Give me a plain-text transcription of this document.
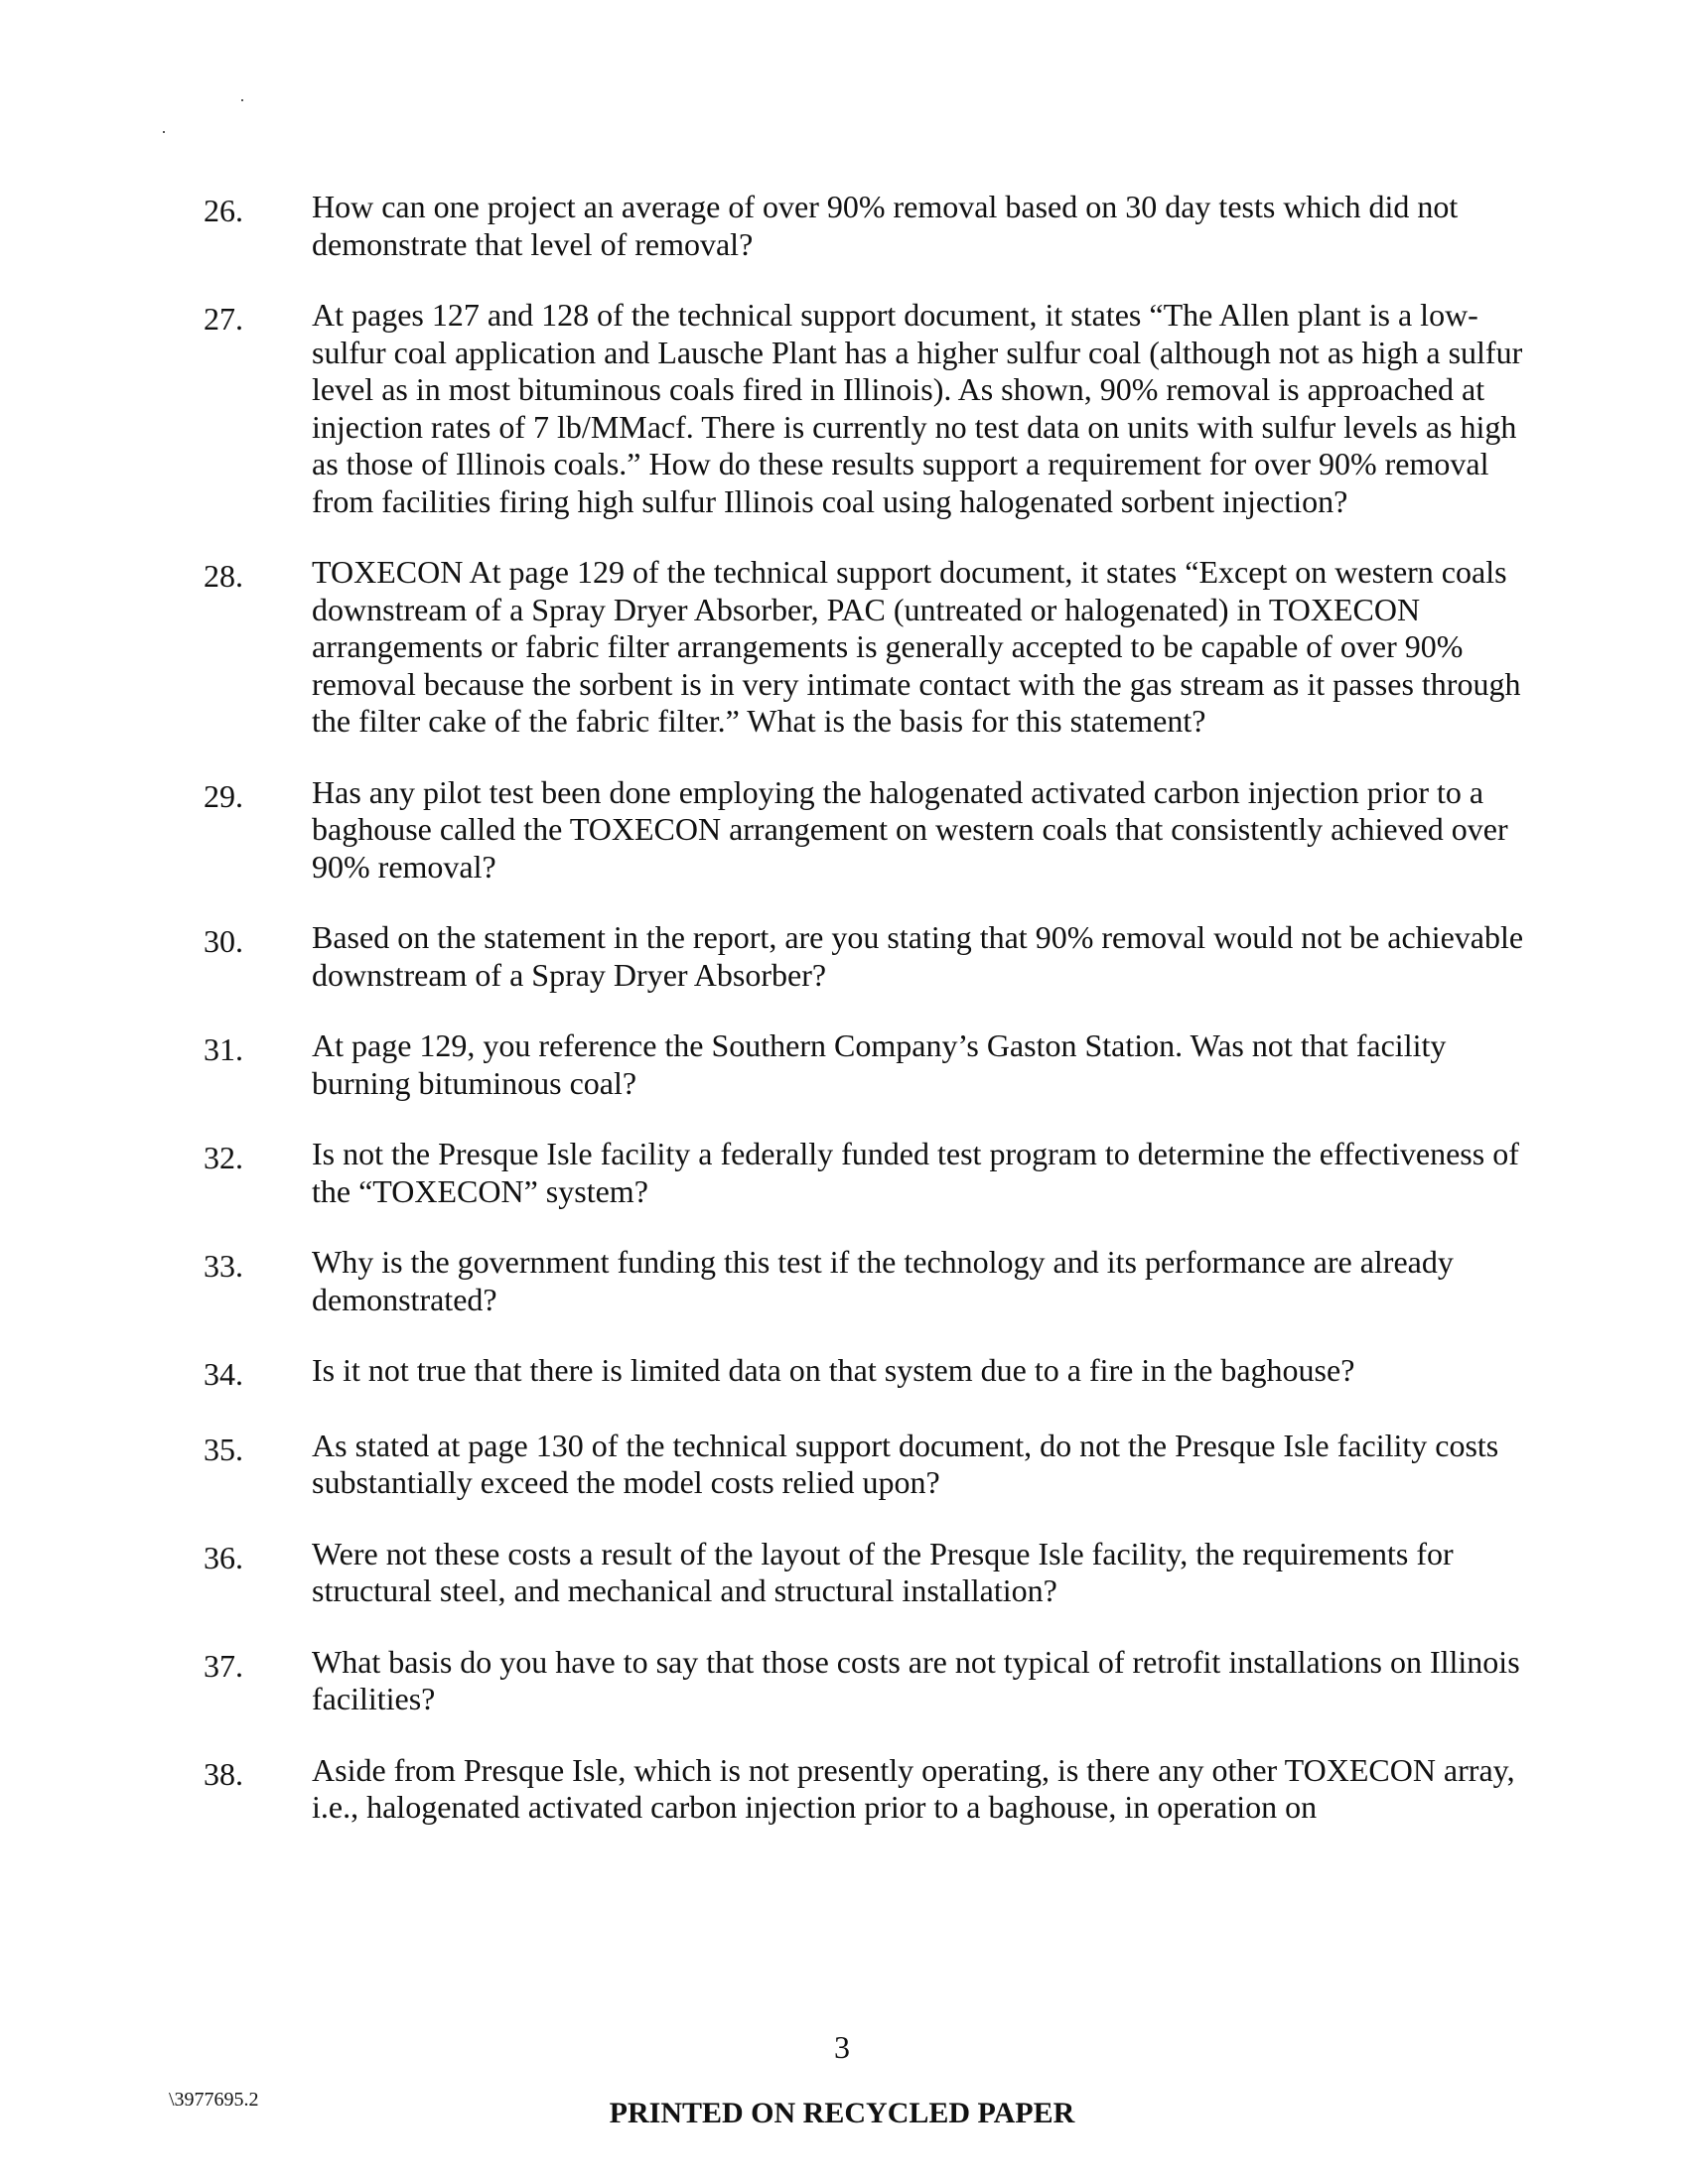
26.	How can one project an average of over 90% removal based on 30 day tests which did not demonstrate that level of removal?
27.	At pages 127 and 128 of the technical support document, it states “The Allen plant is a low-sulfur coal application and Lausche Plant has a higher sulfur coal (although not as high a sulfur level as in most bituminous coals fired in Illinois). As shown, 90% removal is approached at injection rates of 7 lb/MMacf. There is currently no test data on units with sulfur levels as high as those of Illinois coals.” How do these results support a requirement for over 90% removal from facilities firing high sulfur Illinois coal using halogenated sorbent injection?
28.	TOXECON At page 129 of the technical support document, it states “Except on western coals downstream of a Spray Dryer Absorber, PAC (untreated or halogenated) in TOXECON arrangements or fabric filter arrangements is generally accepted to be capable of over 90% removal because the sorbent is in very intimate contact with the gas stream as it passes through the filter cake of the fabric filter.” What is the basis for this statement?
29.	Has any pilot test been done employing the halogenated activated carbon injection prior to a baghouse called the TOXECON arrangement on western coals that consistently achieved over 90% removal?
30.	Based on the statement in the report, are you stating that 90% removal would not be achievable downstream of a Spray Dryer Absorber?
31.	At page 129, you reference the Southern Company’s Gaston Station. Was not that facility burning bituminous coal?
32.	Is not the Presque Isle facility a federally funded test program to determine the effectiveness of the “TOXECON” system?
33.	Why is the government funding this test if the technology and its performance are already demonstrated?
34.	Is it not true that there is limited data on that system due to a fire in the baghouse?
35.	As stated at page 130 of the technical support document, do not the Presque Isle facility costs substantially exceed the model costs relied upon?
36.	Were not these costs a result of the layout of the Presque Isle facility, the requirements for structural steel, and mechanical and structural installation?
37.	What basis do you have to say that those costs are not typical of retrofit installations on Illinois facilities?
38.	Aside from Presque Isle, which is not presently operating, is there any other TOXECON array, i.e., halogenated activated carbon injection prior to a baghouse, in operation on
3
\3977695.2	PRINTED ON RECYCLED PAPER
